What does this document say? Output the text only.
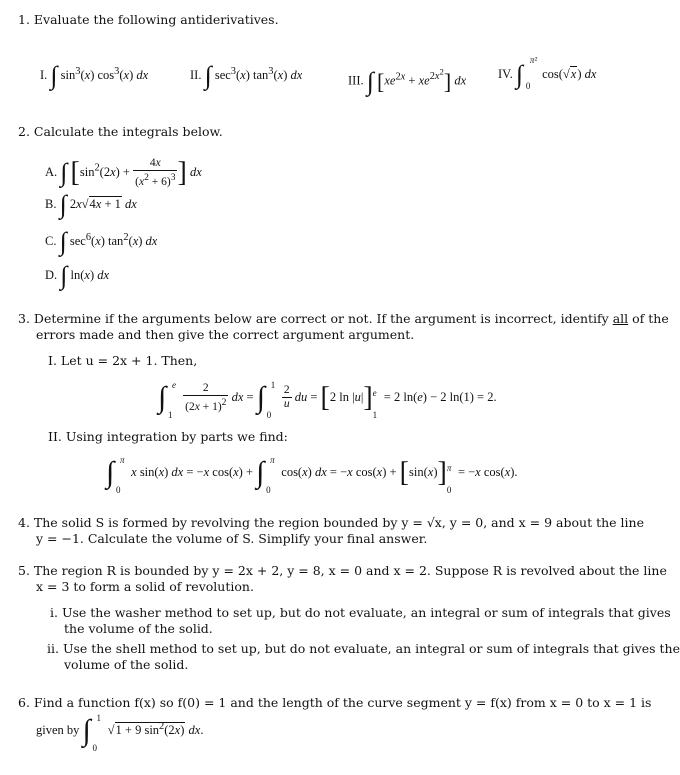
1. Evaluate the following antiderivatives.
I. ∫ $\sin^3(x)$ $\cos^3(x)$ dx	II. ∫ $\sec^3(x)$ $\tan^3(x)$ dx	III. ∫ $[xe^{2x} + xe^{2x^2}]$ dx	IV. ∫ π²
0
cos(√x) dx
2. Calculate the integrals below.
A. ∫ [$\sin^2(2x) + \frac{4x}{(x^2 + 6)^3}$ ] dx
B. ∫ 2x√4x + 1 dx
C. ∫ $\sec^6(x)$ $\tan^2(x)$ dx
D. ∫ ln(x) dx
3. Determine if the arguments below are correct or not. If the argument is incorrect, identify all of the
errors made and then give the correct argument argument.
I. Let u = 2x + 1. Then,
∫ e
1

$\frac{2}{(2x + 1)^2}$ dx = ∫ 1
0

$\frac{2}{u}$ du = [2 ln |u|] e
1
= 2 ln(e) − 2 ln(1) = 2.
II. Using integration by parts we find:
∫ π
0
x sin(x) dx = −x cos(x) + ∫ π
0
cos(x) dx = −x cos(x) + [sin(x)] π
0
= −x cos(x).
4. The solid S is formed by revolving the region bounded by y = √x, y = 0, and x = 9 about the line
y = −1. Calculate the volume of S. Simplify your final answer.
5. The region R is bounded by y = 2x + 2, y = 8, x = 0 and x = 2. Suppose R is revolved about the line
x = 3 to form a solid of revolution.
i. Use the washer method to set up, but do not evaluate, an integral or sum of integrals that gives
the volume of the solid.
ii. Use the shell method to set up, but do not evaluate, an integral or sum of integrals that gives the
volume of the solid.
6. Find a function f(x) so f(0) = 1 and the length of the curve segment y = f(x) from x = 0 to x = 1 is
given by ∫ 1
0
√1 + 9 $\sin^2(2x)$ dx.
